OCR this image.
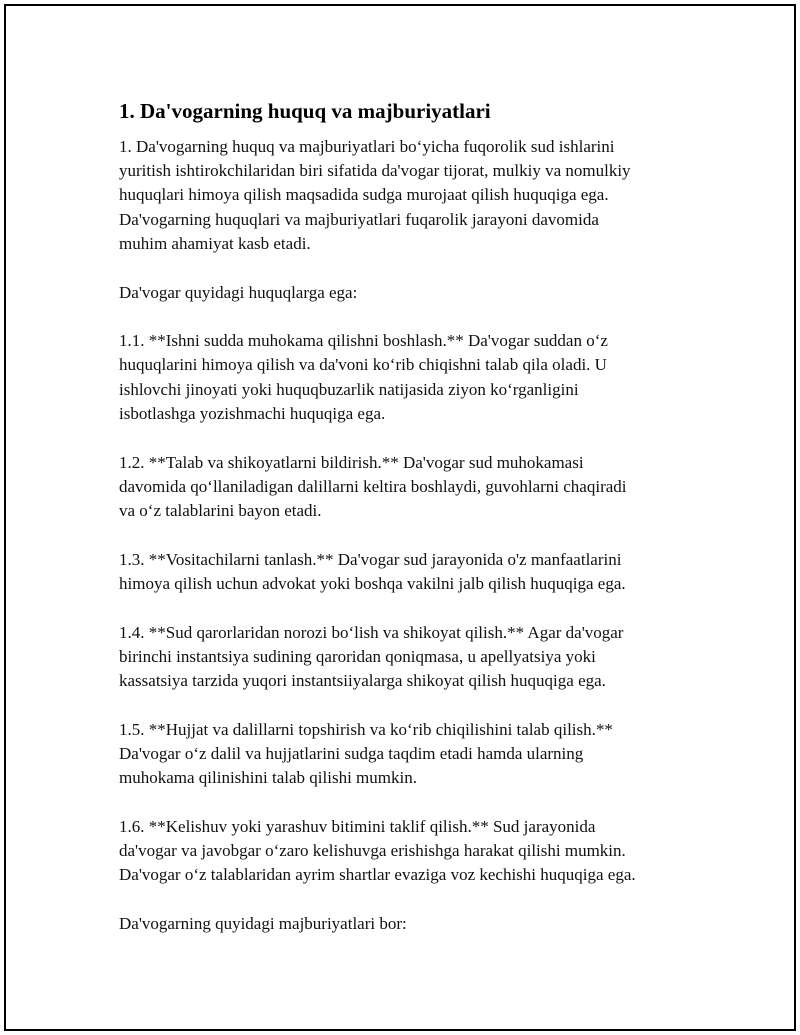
1. Da'vogarning huquq va majburiyatlari

1. Da'vogarning huquq va majburiyatlari bo‘yicha fuqorolik sud ishlarini
yuritish ishtirokchilaridan biri sifatida da'vogar tijorat, mulkiy va nomulkiy
huquqlari himoya qilish maqsadida sudga murojaat qilish huquqiga ega.
Da'vogarning huquqlari va majburiyatlari fuqarolik jarayoni davomida
muhim ahamiyat kasb etadi.

Da'vogar quyidagi huquqlarga ega:

1.1. **Ishni sudda muhokama qilishni boshlash.** Da'vogar suddan o‘z
huquqlarini himoya qilish va da'voni ko‘rib chiqishni talab qila oladi. U
ishlovchi jinoyati yoki huquqbuzarlik natijasida ziyon ko‘rganligini
isbotlashga yozishmachi huquqiga ega.

1.2. **Talab va shikoyatlarni bildirish.** Da'vogar sud muhokamasi
davomida qo‘llaniladigan dalillarni keltira boshlaydi, guvohlarni chaqiradi
va o‘z talablarini bayon etadi.

1.3. **Vositachilarni tanlash.** Da'vogar sud jarayonida o'z manfaatlarini
himoya qilish uchun advokat yoki boshqa vakilni jalb qilish huquqiga ega.

1.4. **Sud qarorlaridan norozi bo‘lish va shikoyat qilish.** Agar da'vogar
birinchi instantsiya sudining qaroridan qoniqmasa, u apellyatsiya yoki
kassatsiya tarzida yuqori instantsiiyalarga shikoyat qilish huquqiga ega.

1.5. **Hujjat va dalillarni topshirish va ko‘rib chiqilishini talab qilish.**
Da'vogar o‘z dalil va hujjatlarini sudga taqdim etadi hamda ularning
muhokama qilinishini talab qilishi mumkin.

1.6. **Kelishuv yoki yarashuv bitimini taklif qilish.** Sud jarayonida
da'vogar va javobgar o‘zaro kelishuvga erishishga harakat qilishi mumkin.
Da'vogar o‘z talablaridan ayrim shartlar evaziga voz kechishi huquqiga ega.

Da'vogarning quyidagi majburiyatlari bor:
